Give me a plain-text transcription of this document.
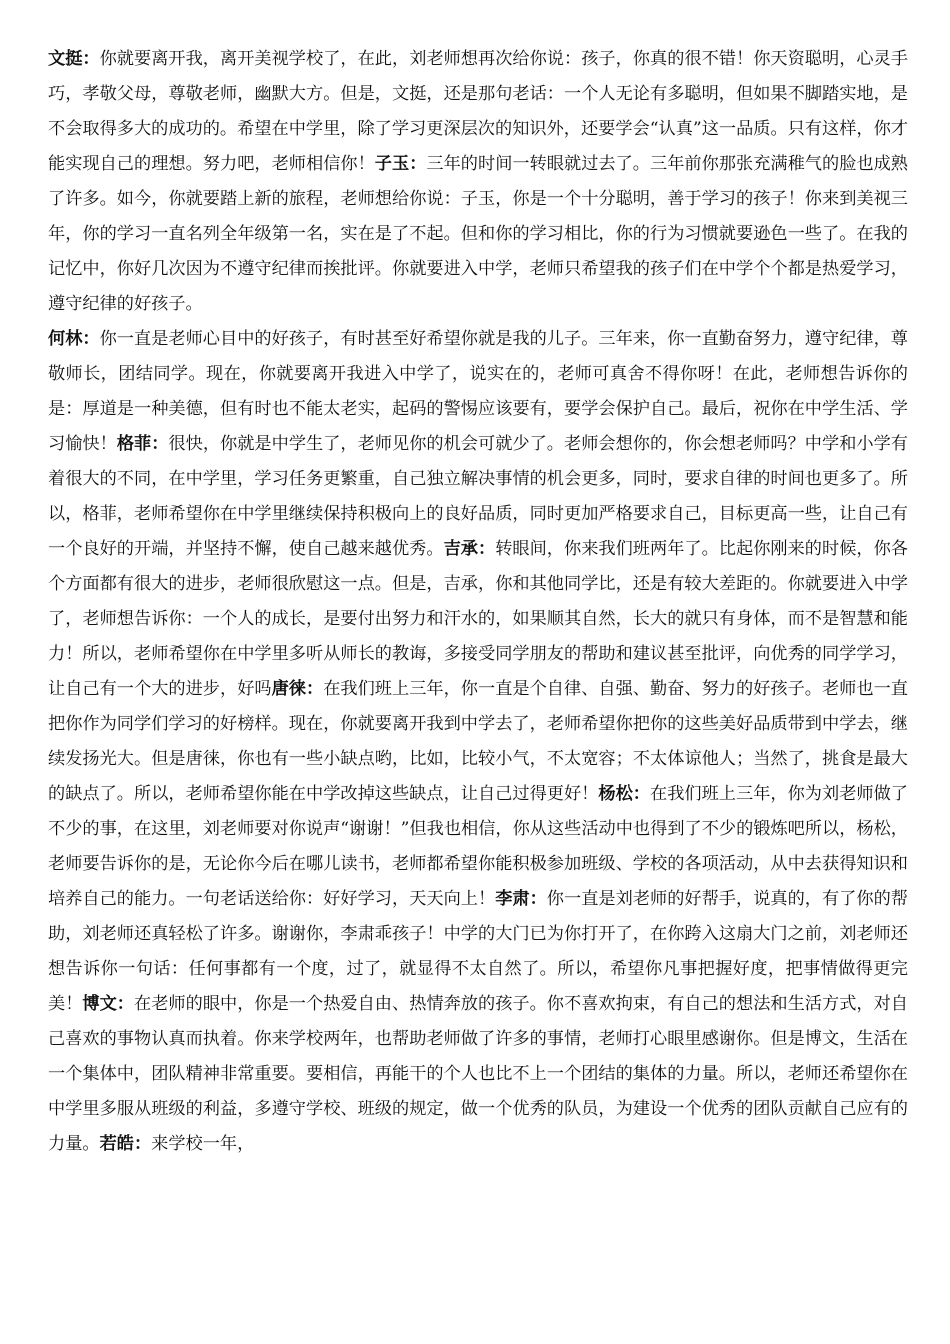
文挺：你就要离开我，离开美视学校了，在此，刘老师想再次给你说：孩子，你真的很不错！你天资聪明，心灵手巧，孝敬父母，尊敬老师，幽默大方。但是，文挺，还是那句老话：一个人无论有多聪明，但如果不脚踏实地，是不会取得多大的成功的。希望在中学里，除了学习更深层次的知识外，还要学会“认真”这一品质。只有这样，你才能实现自己的理想。努力吧，老师相信你！子玉：三年的时间一转眼就过去了。三年前你那张充满稚气的脸也成熟了许多。如今，你就要踏上新的旅程，老师想给你说：子玉，你是一个十分聪明，善于学习的孩子！你来到美视三年，你的学习一直名列全年级第一名，实在是了不起。但和你的学习相比，你的行为习惯就要逊色一些了。在我的记忆中，你好几次因为不遵守纪律而挨批评。你就要进入中学，老师只希望我的孩子们在中学个个都是热爱学习，遵守纪律的好孩子。

何林：你一直是老师心目中的好孩子，有时甚至好希望你就是我的儿子。三年来，你一直勤奋努力，遵守纪律，尊敬师长，团结同学。现在，你就要离开我进入中学了，说实在的，老师可真舍不得你呀！在此，老师想告诉你的是：厚道是一种美德，但有时也不能太老实，起码的警惕应该要有，要学会保护自己。最后，祝你在中学生活、学习愉快！格菲：很快，你就是中学生了，老师见你的机会可就少了。老师会想你的，你会想老师吗？中学和小学有着很大的不同，在中学里，学习任务更繁重，自己独立解决事情的机会更多，同时，要求自律的时间也更多了。所以，格菲，老师希望你在中学里继续保持积极向上的良好品质，同时更加严格要求自己，目标更高一些，让自己有一个良好的开端，并坚持不懈，使自己越来越优秀。吉承：转眼间，你来我们班两年了。比起你刚来的时候，你各个方面都有很大的进步，老师很欣慰这一点。但是，吉承，你和其他同学比，还是有较大差距的。你就要进入中学了，老师想告诉你：一个人的成长，是要付出努力和汗水的，如果顺其自然，长大的就只有身体，而不是智慧和能力！所以，老师希望你在中学里多听从师长的教诲，多接受同学朋友的帮助和建议甚至批评，向优秀的同学学习，让自己有一个大的进步，好吗唐徕：在我们班上三年，你一直是个自律、自强、勤奋、努力的好孩子。老师也一直把你作为同学们学习的好榜样。现在，你就要离开我到中学去了，老师希望你把你的这些美好品质带到中学去，继续发扬光大。但是唐徕，你也有一些小缺点哟，比如，比较小气，不太宽容；不太体谅他人；当然了，挑食是最大的缺点了。所以，老师希望你能在中学改掉这些缺点，让自己过得更好！杨松：在我们班上三年，你为刘老师做了不少的事，在这里，刘老师要对你说声“谢谢！”但我也相信，你从这些活动中也得到了不少的锻炼吧所以，杨松，老师要告诉你的是，无论你今后在哪儿读书，老师都希望你能积极参加班级、学校的各项活动，从中去获得知识和培养自己的能力。一句老话送给你：好好学习，天天向上！李肃：你一直是刘老师的好帮手，说真的，有了你的帮助，刘老师还真轻松了许多。谢谢你，李肃乖孩子！中学的大门已为你打开了，在你跨入这扇大门之前，刘老师还想告诉你一句话：任何事都有一个度，过了，就显得不太自然了。所以，希望你凡事把握好度，把事情做得更完美！博文：在老师的眼中，你是一个热爱自由、热情奔放的孩子。你不喜欢拘束，有自己的想法和生活方式，对自己喜欢的事物认真而执着。你来学校两年，也帮助老师做了许多的事情，老师打心眼里感谢你。但是博文，生活在一个集体中，团队精神非常重要。要相信，再能干的个人也比不上一个团结的集体的力量。所以，老师还希望你在中学里多服从班级的利益，多遵守学校、班级的规定，做一个优秀的队员，为建设一个优秀的团队贡献自己应有的力量。若皓：来学校一年，
